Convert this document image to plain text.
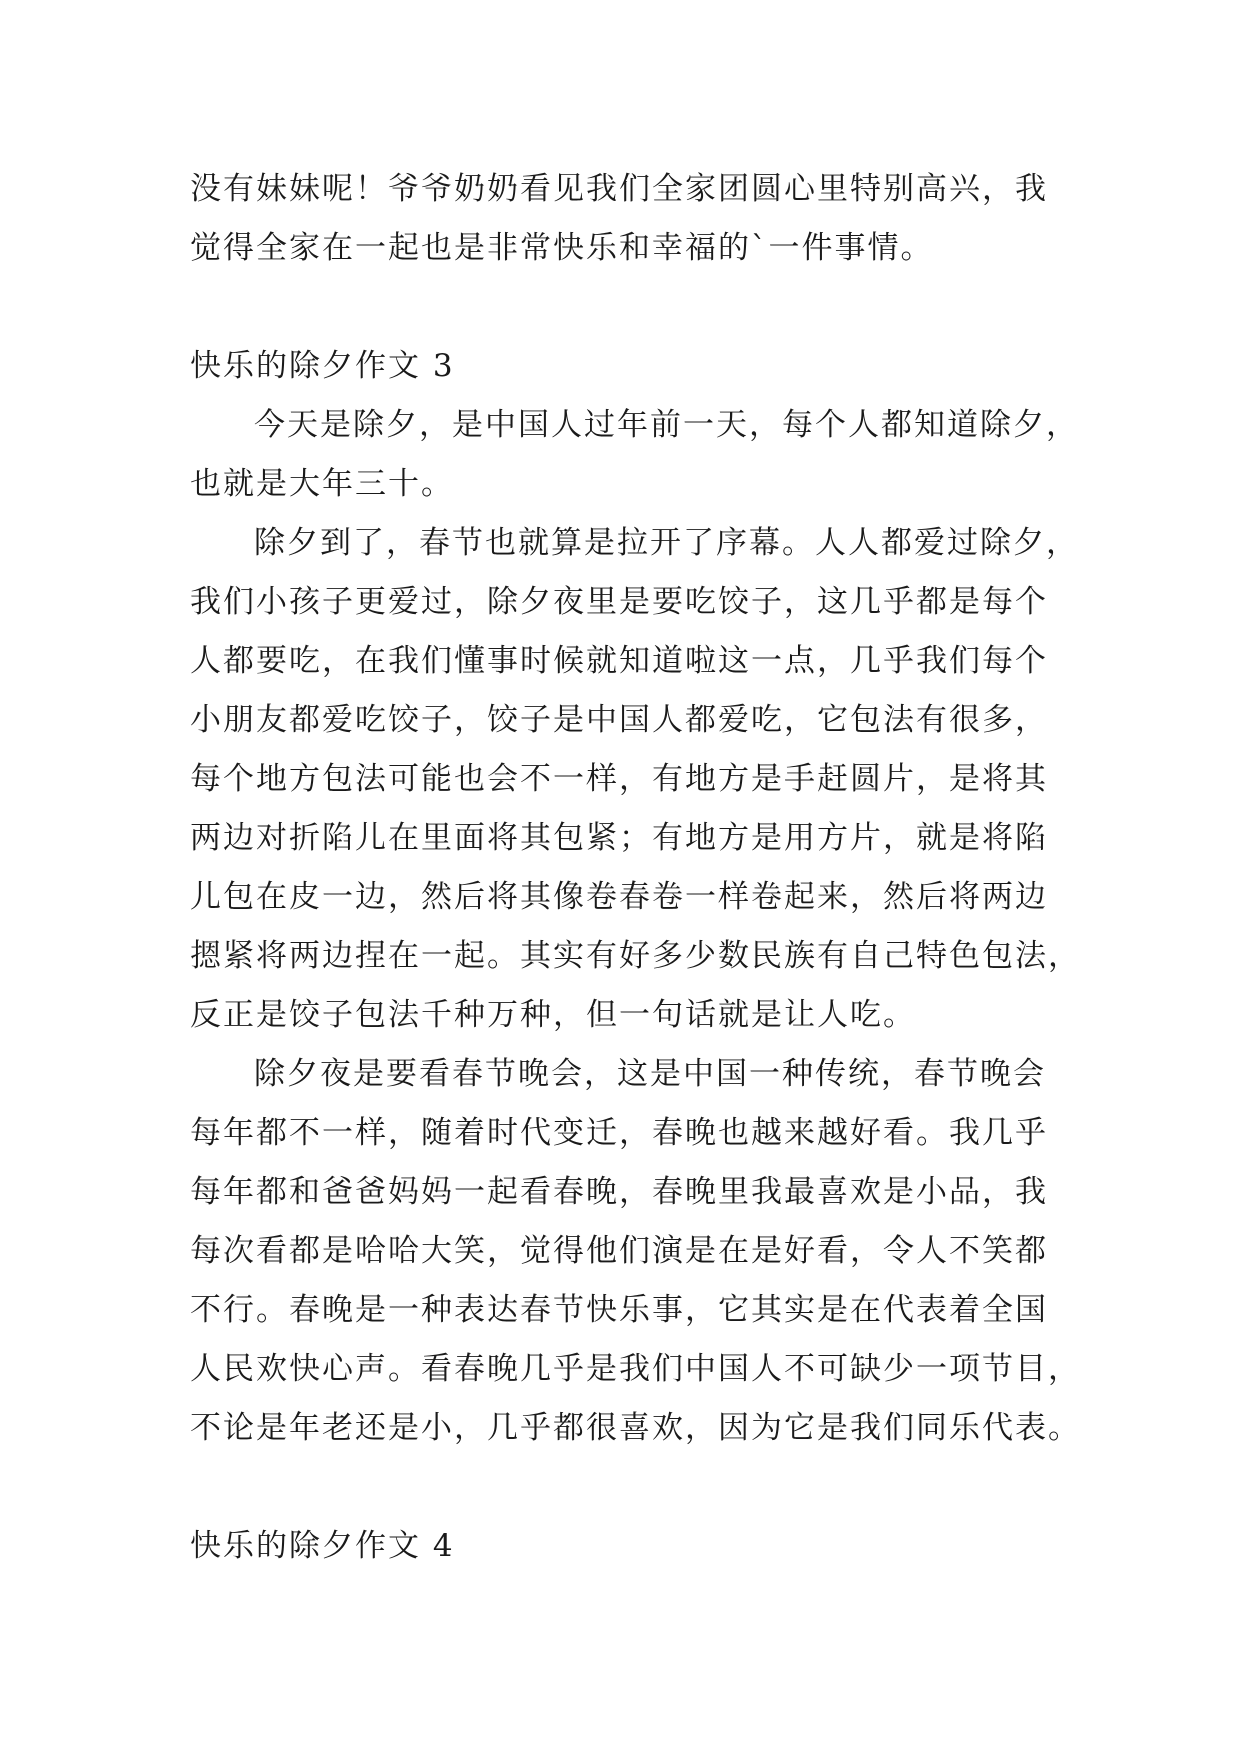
没有妹妹呢！爷爷奶奶看见我们全家团圆心里特别高兴，我
觉得全家在一起也是非常快乐和幸福的`一件事情。
快乐的除夕作文 3
今天是除夕，是中国人过年前一天，每个人都知道除夕，
也就是大年三十。
除夕到了，春节也就算是拉开了序幕。人人都爱过除夕，
我们小孩子更爱过，除夕夜里是要吃饺子，这几乎都是每个
人都要吃，在我们懂事时候就知道啦这一点，几乎我们每个
小朋友都爱吃饺子，饺子是中国人都爱吃，它包法有很多，
每个地方包法可能也会不一样，有地方是手赶圆片，是将其
两边对折陷儿在里面将其包紧；有地方是用方片，就是将陷
儿包在皮一边，然后将其像卷春卷一样卷起来，然后将两边
摁紧将两边捏在一起。其实有好多少数民族有自己特色包法，
反正是饺子包法千种万种，但一句话就是让人吃。
除夕夜是要看春节晚会，这是中国一种传统，春节晚会
每年都不一样，随着时代变迁，春晚也越来越好看。我几乎
每年都和爸爸妈妈一起看春晚，春晚里我最喜欢是小品，我
每次看都是哈哈大笑，觉得他们演是在是好看，令人不笑都
不行。春晚是一种表达春节快乐事，它其实是在代表着全国
人民欢快心声。看春晚几乎是我们中国人不可缺少一项节目，
不论是年老还是小，几乎都很喜欢，因为它是我们同乐代表。
快乐的除夕作文 4
